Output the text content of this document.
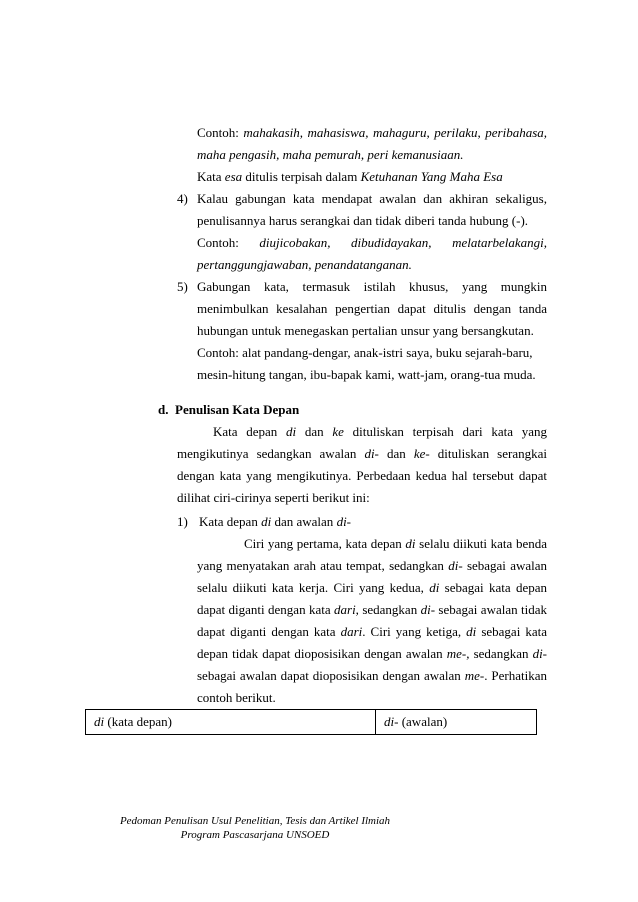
Contoh: mahakasih, mahasiswa, mahaguru, perilaku, peribahasa,
maha pengasih, maha pemurah, peri kemanusiaan.
Kata esa ditulis terpisah dalam Ketuhanan Yang Maha Esa
4) Kalau gabungan kata mendapat awalan dan akhiran sekaligus,
penulisannya harus serangkai dan tidak diberi tanda hubung (-).
Contoh: diujicobakan, dibudidayakan, melatarbelakangi,
pertanggungjawaban, penandatanganan.
5) Gabungan kata, termasuk istilah khusus, yang mungkin
menimbulkan kesalahan pengertian dapat ditulis dengan tanda
hubungan untuk menegaskan pertalian unsur yang bersangkutan.
Contoh: alat pandang-dengar, anak-istri saya, buku sejarah-baru,
mesin-hitung tangan, ibu-bapak kami, watt-jam, orang-tua muda.
d. Penulisan Kata Depan
Kata depan di dan ke dituliskan terpisah dari kata yang
mengikutinya sedangkan awalan di- dan ke- dituliskan serangkai
dengan kata yang mengikutinya. Perbedaan kedua hal tersebut dapat
dilihat ciri-cirinya seperti berikut ini:
1) Kata depan di dan awalan di-
Ciri yang pertama, kata depan di selalu diikuti kata benda
yang menyatakan arah atau tempat, sedangkan di- sebagai awalan
selalu diikuti kata kerja. Ciri yang kedua, di sebagai kata depan
dapat diganti dengan kata dari, sedangkan di- sebagai awalan tidak
dapat diganti dengan kata dari. Ciri yang ketiga, di sebagai kata
depan tidak dapat dioposisikan dengan awalan me-, sedangkan di-
sebagai awalan dapat dioposisikan dengan awalan me-. Perhatikan
contoh berikut.
di (kata depan)	di- (awalan)
Pedoman Penulisan Usul Penelitian, Tesis dan Artikel Ilmiah
Program Pascasarjana UNSOED
